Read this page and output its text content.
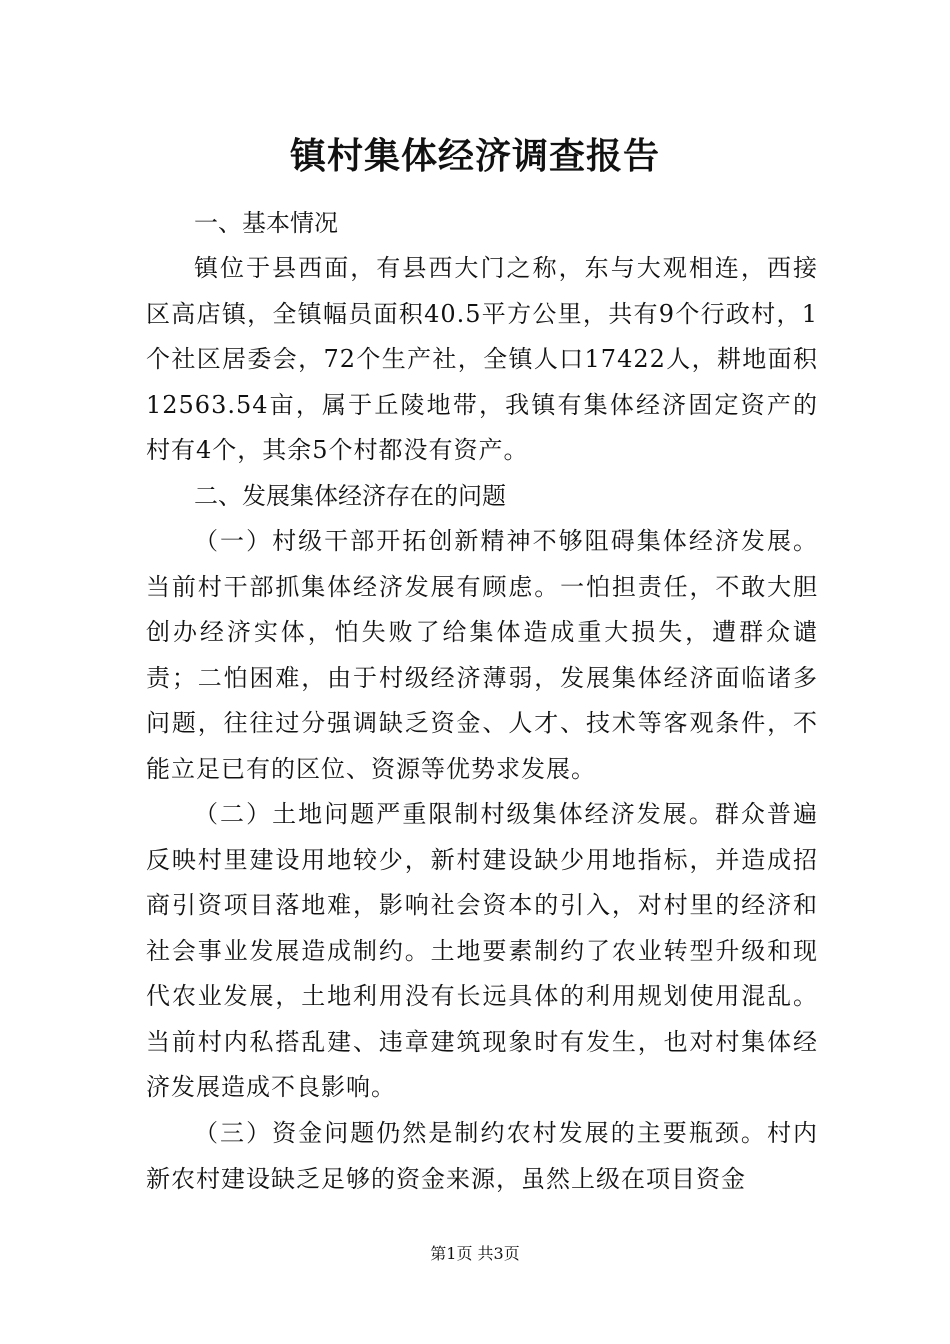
镇村集体经济调查报告
一、基本情况

镇位于县西面，有县西大门之称，东与大观相连，西接区高店镇，全镇幅员面积40.5平方公里，共有9个行政村，1个社区居委会，72个生产社，全镇人口17422人，耕地面积12563.54亩，属于丘陵地带，我镇有集体经济固定资产的村有4个，其余5个村都没有资产。

二、发展集体经济存在的问题

（一）村级干部开拓创新精神不够阻碍集体经济发展。当前村干部抓集体经济发展有顾虑。一怕担责任，不敢大胆创办经济实体，怕失败了给集体造成重大损失，遭群众谴责；二怕困难，由于村级经济薄弱，发展集体经济面临诸多问题，往往过分强调缺乏资金、人才、技术等客观条件，不能立足已有的区位、资源等优势求发展。

（二）土地问题严重限制村级集体经济发展。群众普遍反映村里建设用地较少，新村建设缺少用地指标，并造成招商引资项目落地难，影响社会资本的引入，对村里的经济和社会事业发展造成制约。土地要素制约了农业转型升级和现代农业发展，土地利用没有长远具体的利用规划使用混乱。当前村内私搭乱建、违章建筑现象时有发生，也对村集体经济发展造成不良影响。

（三）资金问题仍然是制约农村发展的主要瓶颈。村内新农村建设缺乏足够的资金来源，虽然上级在项目资金

第1页 共3页
